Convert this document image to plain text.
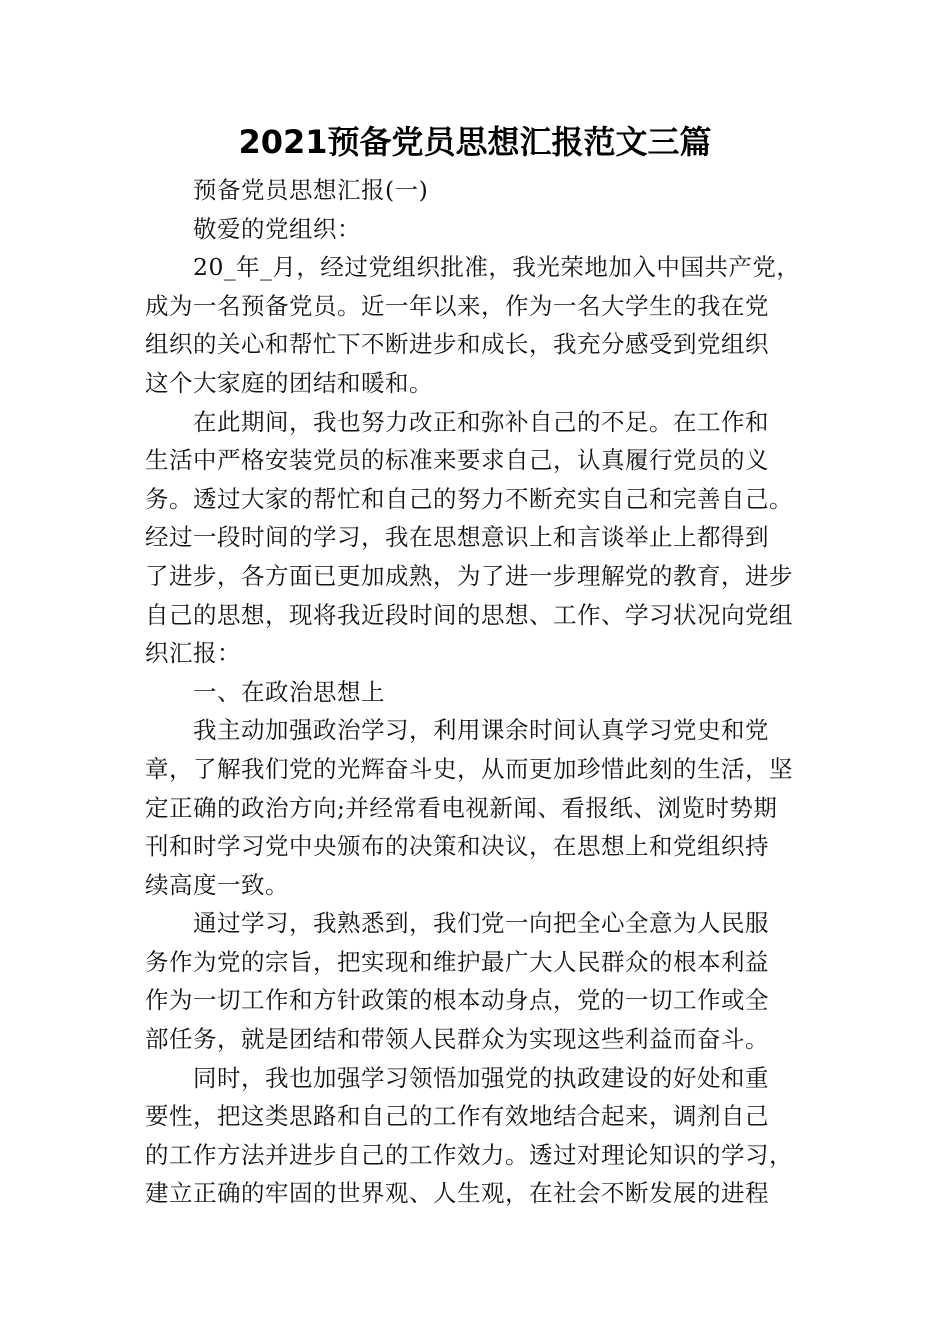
2021预备党员思想汇报范文三篇

预备党员思想汇报(一)

敬爱的党组织：

20_年_月，经过党组织批准，我光荣地加入中国共产党，
成为一名预备党员。近一年以来，作为一名大学生的我在党
组织的关心和帮忙下不断进步和成长，我充分感受到党组织
这个大家庭的团结和暖和。

在此期间，我也努力改正和弥补自己的不足。在工作和
生活中严格安装党员的标准来要求自己，认真履行党员的义
务。透过大家的帮忙和自己的努力不断充实自己和完善自己。
经过一段时间的学习，我在思想意识上和言谈举止上都得到
了进步，各方面已更加成熟，为了进一步理解党的教育，进步
自己的思想，现将我近段时间的思想、工作、学习状况向党组
织汇报：

一、在政治思想上

我主动加强政治学习，利用课余时间认真学习党史和党
章，了解我们党的光辉奋斗史，从而更加珍惜此刻的生活，坚
定正确的政治方向;并经常看电视新闻、看报纸、浏览时势期
刊和时学习党中央颁布的决策和决议，在思想上和党组织持
续高度一致。

通过学习，我熟悉到，我们党一向把全心全意为人民服
务作为党的宗旨，把实现和维护最广大人民群众的根本利益
作为一切工作和方针政策的根本动身点，党的一切工作或全
部任务，就是团结和带领人民群众为实现这些利益而奋斗。

同时，我也加强学习领悟加强党的执政建设的好处和重
要性，把这类思路和自己的工作有效地结合起来，调剂自己
的工作方法并进步自己的工作效力。透过对理论知识的学习，
建立正确的牢固的世界观、人生观，在社会不断发展的进程
